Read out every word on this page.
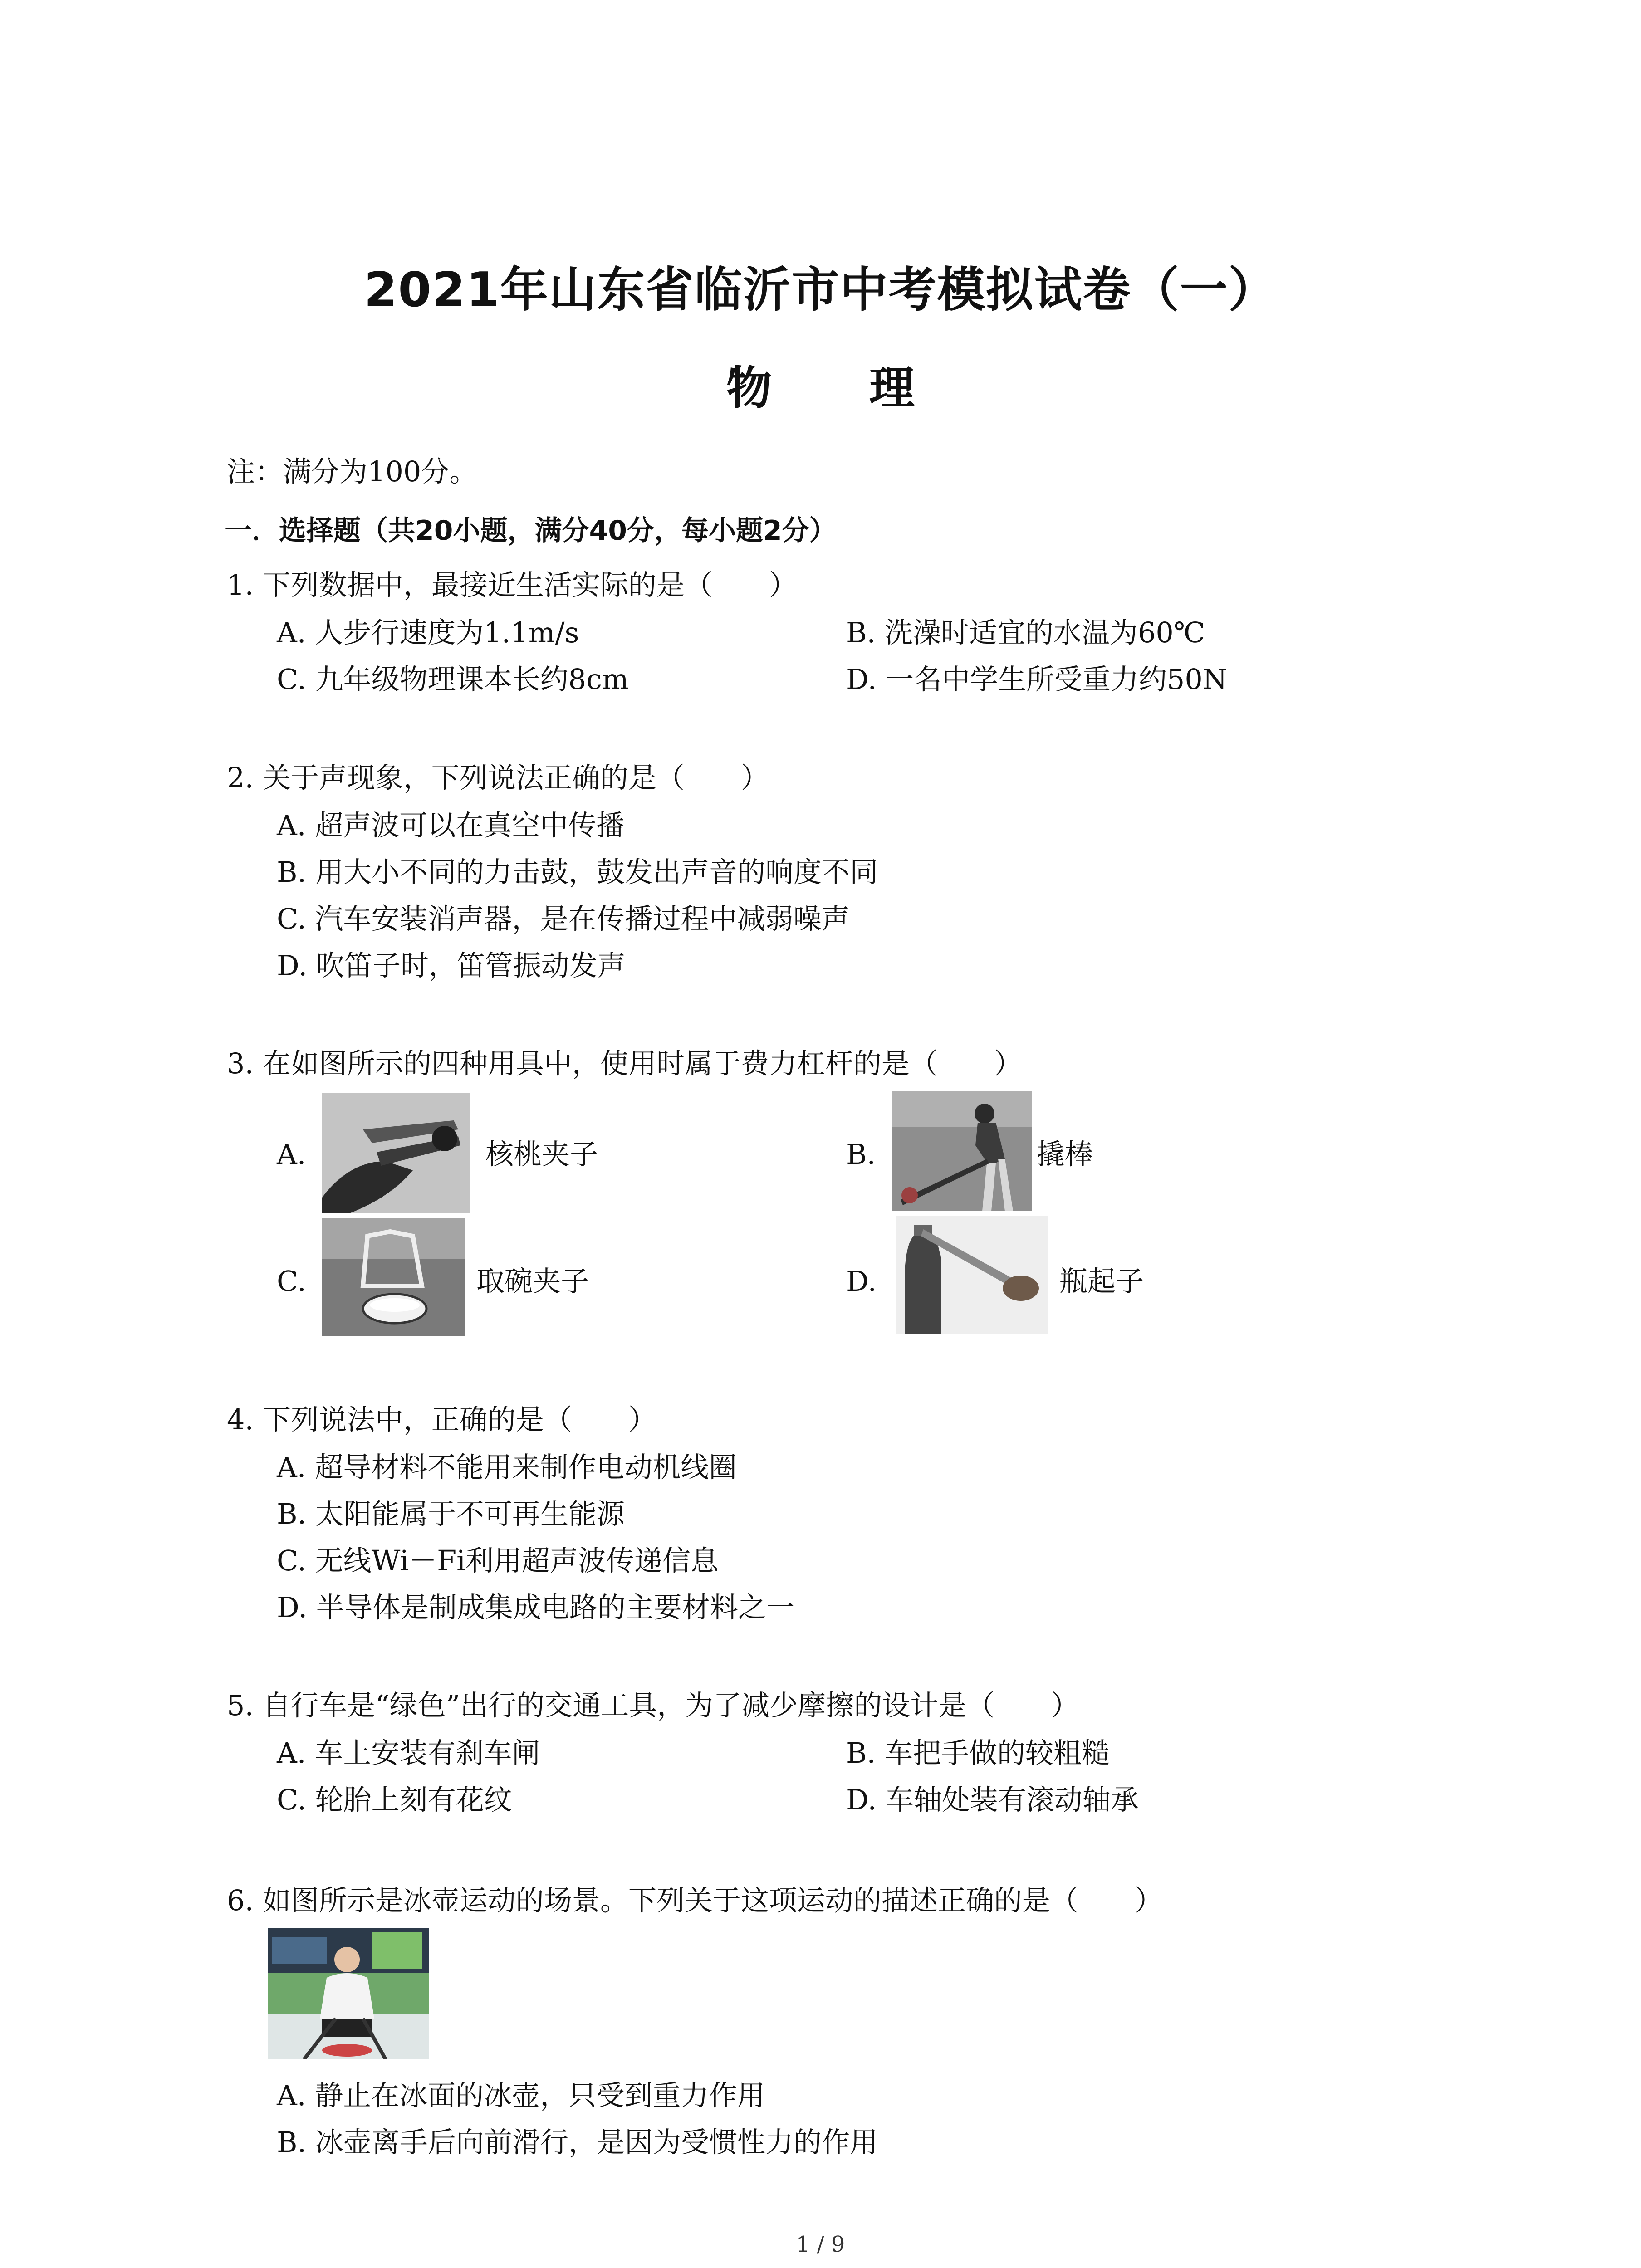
2021年山东省临沂市中考模拟试卷（一）
物 理
注：满分为100分。
一．选择题（共20小题，满分40分，每小题2分）
1. 下列数据中，最接近生活实际的是（　　）
A. 人步行速度为1.1m/s	B. 洗澡时适宜的水温为60℃
C. 九年级物理课本长约8cm	D. 一名中学生所受重力约50N
2. 关于声现象，下列说法正确的是（　　）
A. 超声波可以在真空中传播
B. 用大小不同的力击鼓，鼓发出声音的响度不同
C. 汽车安装消声器，是在传播过程中减弱噪声
D. 吹笛子时，笛管振动发声
3. 在如图所示的四种用具中，使用时属于费力杠杆的是（　　）
A.	核桃夹子	B.	撬棒
C.	取碗夹子	D.	瓶起子
4. 下列说法中，正确的是（　　）
A. 超导材料不能用来制作电动机线圈
B. 太阳能属于不可再生能源
C. 无线Wi－Fi利用超声波传递信息
D. 半导体是制成集成电路的主要材料之一
5. 自行车是“绿色”出行的交通工具，为了减少摩擦的设计是（　　）
A. 车上安装有刹车闸	B. 车把手做的较粗糙
C. 轮胎上刻有花纹	D. 车轴处装有滚动轴承
6. 如图所示是冰壶运动的场景。下列关于这项运动的描述正确的是（　　）
A. 静止在冰面的冰壶，只受到重力作用
B. 冰壶离手后向前滑行，是因为受惯性力的作用
1 / 9
